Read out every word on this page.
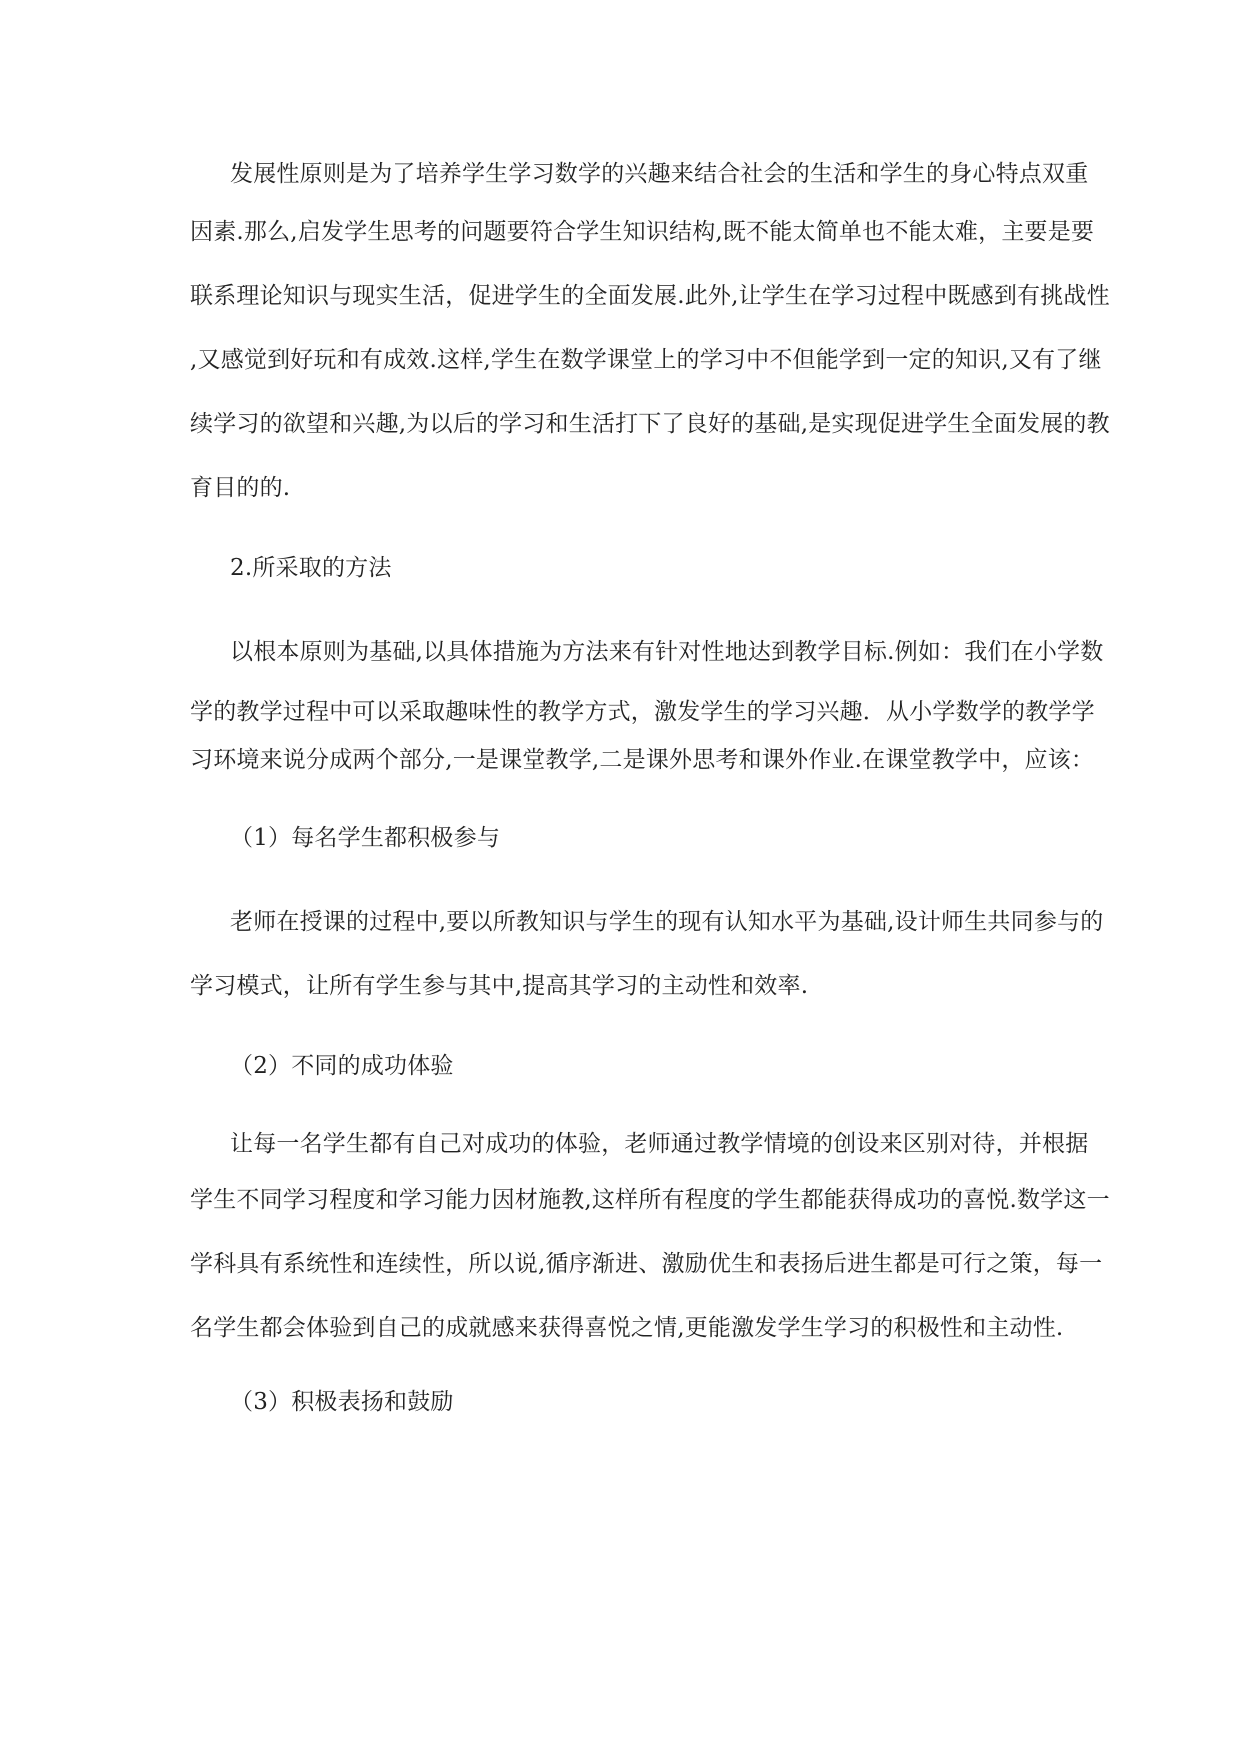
发展性原则是为了培养学生学习数学的兴趣来结合社会的生活和学生的身心特点双重
因素.那么,启发学生思考的问题要符合学生知识结构,既不能太简单也不能太难，主要是要
联系理论知识与现实生活，促进学生的全面发展.此外,让学生在学习过程中既感到有挑战性
,又感觉到好玩和有成效.这样,学生在数学课堂上的学习中不但能学到一定的知识,又有了继
续学习的欲望和兴趣,为以后的学习和生活打下了良好的基础,是实现促进学生全面发展的教
育目的的.
2.所采取的方法
以根本原则为基础,以具体措施为方法来有针对性地达到教学目标.例如：我们在小学数
学的教学过程中可以采取趣味性的教学方式，激发学生的学习兴趣．从小学数学的教学学
习环境来说分成两个部分,一是课堂教学,二是课外思考和课外作业.在课堂教学中，应该：
（1）每名学生都积极参与
老师在授课的过程中,要以所教知识与学生的现有认知水平为基础,设计师生共同参与的
学习模式，让所有学生参与其中,提高其学习的主动性和效率.
（2）不同的成功体验
让每一名学生都有自己对成功的体验，老师通过教学情境的创设来区别对待，并根据
学生不同学习程度和学习能力因材施教,这样所有程度的学生都能获得成功的喜悦.数学这一
学科具有系统性和连续性，所以说,循序渐进、激励优生和表扬后进生都是可行之策，每一
名学生都会体验到自己的成就感来获得喜悦之情,更能激发学生学习的积极性和主动性.
（3）积极表扬和鼓励
